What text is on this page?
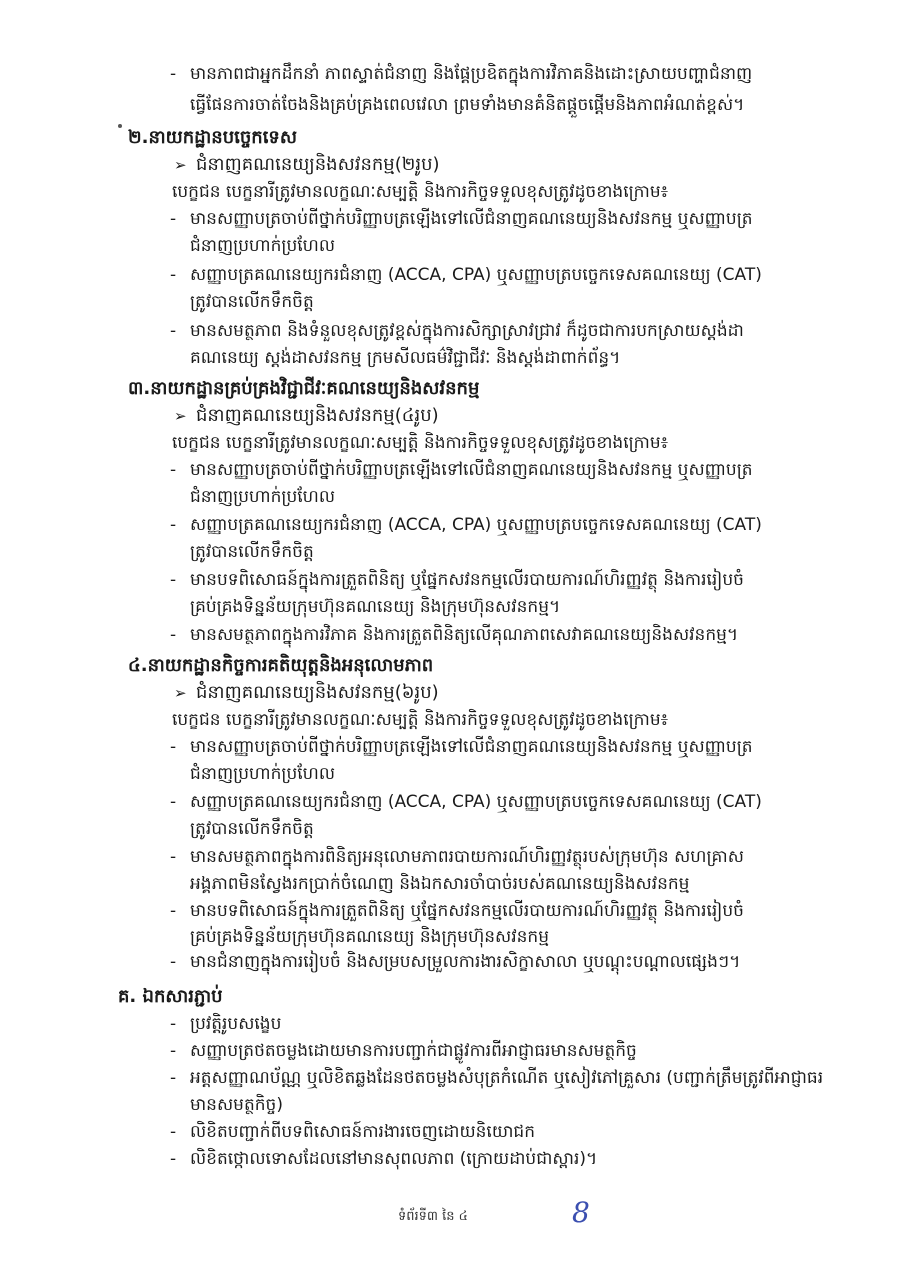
- មានភាពជាអ្នកដឹកនាំ ភាពស្ទាត់ជំនាញ និងផ្ដែប្រឧិតក្នុងការវិភាគនិងដោះស្រាយបញ្ហាជំនាញ
ធ្វើផែនការចាត់ចែងនិងគ្រប់គ្រងពេលវេលា ព្រមទាំងមានគំនិតផ្តួចផ្តើមនិងភាពអំណត់ខ្ពស់។
២.នាយកដ្ឋានបច្ចេកទេស
➢ ជំនាញគណនេយ្យនិងសវនកម្ម(២រូប)
បេក្ខជន បេក្ខនារីត្រូវមានលក្ខណៈសម្បត្តិ និងការកិច្ចទទួលខុសត្រូវដូចខាងក្រោម៖
- មានសញ្ញាបត្រចាប់ពីថ្នាក់បរិញ្ញាបត្រឡើងទៅលើជំនាញគណនេយ្យនិងសវនកម្ម ឬសញ្ញាបត្រ
ជំនាញប្រហាក់ប្រហែល
- សញ្ញាបត្រគណនេយ្យករជំនាញ (ACCA, CPA) ឬសញ្ញាបត្របច្ចេកទេសគណនេយ្យ (CAT)
ត្រូវបានលើកទឹកចិត្ត
- មានសមត្ថភាព និងទំនួលខុសត្រូវខ្ពស់ក្នុងការសិក្សាស្រាវជ្រាវ ក៏ដូចជាការបកស្រាយស្តង់ដា
គណនេយ្យ ស្តង់ដាសវនកម្ម ក្រមសីលធម៌វិជ្ជាជីវៈ និងស្តង់ដាពាក់ព័ន្ធ។
៣.នាយកដ្ឋានគ្រប់គ្រងវិជ្ជាជីវៈគណនេយ្យនិងសវនកម្ម
➢ ជំនាញគណនេយ្យនិងសវនកម្ម(៤រូប)
បេក្ខជន បេក្ខនារីត្រូវមានលក្ខណៈសម្បត្តិ និងការកិច្ចទទួលខុសត្រូវដូចខាងក្រោម៖
- មានសញ្ញាបត្រចាប់ពីថ្នាក់បរិញ្ញាបត្រឡើងទៅលើជំនាញគណនេយ្យនិងសវនកម្ម ឬសញ្ញាបត្រ
ជំនាញប្រហាក់ប្រហែល
- សញ្ញាបត្រគណនេយ្យករជំនាញ (ACCA, CPA) ឬសញ្ញាបត្របច្ចេកទេសគណនេយ្យ (CAT)
ត្រូវបានលើកទឹកចិត្ត
- មានបទពិសោធន៍ក្នុងការត្រួតពិនិត្យ ឬផ្នែកសវនកម្មលើរបាយការណ៍ហិរញ្ញវត្ថុ និងការរៀបចំ
គ្រប់គ្រងទិន្នន័យក្រុមហ៊ុនគណនេយ្យ និងក្រុមហ៊ុនសវនកម្ម។
- មានសមត្ថភាពក្នុងការវិភាគ និងការត្រួតពិនិត្យលើគុណភាពសេវាគណនេយ្យនិងសវនកម្ម។
៤.នាយកដ្ឋានកិច្ចការគតិយុត្តនិងអនុលោមភាព
➢ ជំនាញគណនេយ្យនិងសវនកម្ម(៦រូប)
បេក្ខជន បេក្ខនារីត្រូវមានលក្ខណៈសម្បត្តិ និងការកិច្ចទទួលខុសត្រូវដូចខាងក្រោម៖
- មានសញ្ញាបត្រចាប់ពីថ្នាក់បរិញ្ញាបត្រឡើងទៅលើជំនាញគណនេយ្យនិងសវនកម្ម ឬសញ្ញាបត្រ
ជំនាញប្រហាក់ប្រហែល
- សញ្ញាបត្រគណនេយ្យករជំនាញ (ACCA, CPA) ឬសញ្ញាបត្របច្ចេកទេសគណនេយ្យ (CAT)
ត្រូវបានលើកទឹកចិត្ត
- មានសមត្ថភាពក្នុងការពិនិត្យអនុលោមភាពរបាយការណ៍ហិរញ្ញវត្ថុរបស់ក្រុមហ៊ុន សហគ្រាស
អង្គភាពមិនស្វែងរកប្រាក់ចំណេញ និងឯកសារចាំបាច់របស់គណនេយ្យនិងសវនកម្ម
- មានបទពិសោធន៍ក្នុងការត្រួតពិនិត្យ ឬផ្នែកសវនកម្មលើរបាយការណ៍ហិរញ្ញវត្ថុ និងការរៀបចំ
គ្រប់គ្រងទិន្នន័យក្រុមហ៊ុនគណនេយ្យ និងក្រុមហ៊ុនសវនកម្ម
- មានជំនាញក្នុងការរៀបចំ និងសម្របសម្រួលការងារសិក្ខាសាលា ឬបណ្តុះបណ្តាលផ្សេងៗ។
គ. ឯកសារភ្ជាប់
- ប្រវត្តិរូបសង្ខេប
- សញ្ញាបត្រថតចម្លងដោយមានការបញ្ជាក់ជាផ្លូវការពីអាជ្ញាធរមានសមត្ថកិច្ច
- អត្តសញ្ញាណប័ណ្ណ ឬលិខិតឆ្លងដែនថតចម្លងសំបុត្រកំណើត ឬសៀវភៅគ្រួសារ (បញ្ជាក់ត្រឹមត្រូវពីអាជ្ញាធរ
មានសមត្ថកិច្ច)
- លិខិតបញ្ជាក់ពីបទពិសោធន៍ការងារចេញដោយនិយោជក
- លិខិតថ្កោលទោសដែលនៅមានសុពលភាព (ក្រោយដាប់ជាស្ពារ)។
ទំព័រទី៣ នៃ ៤	8
